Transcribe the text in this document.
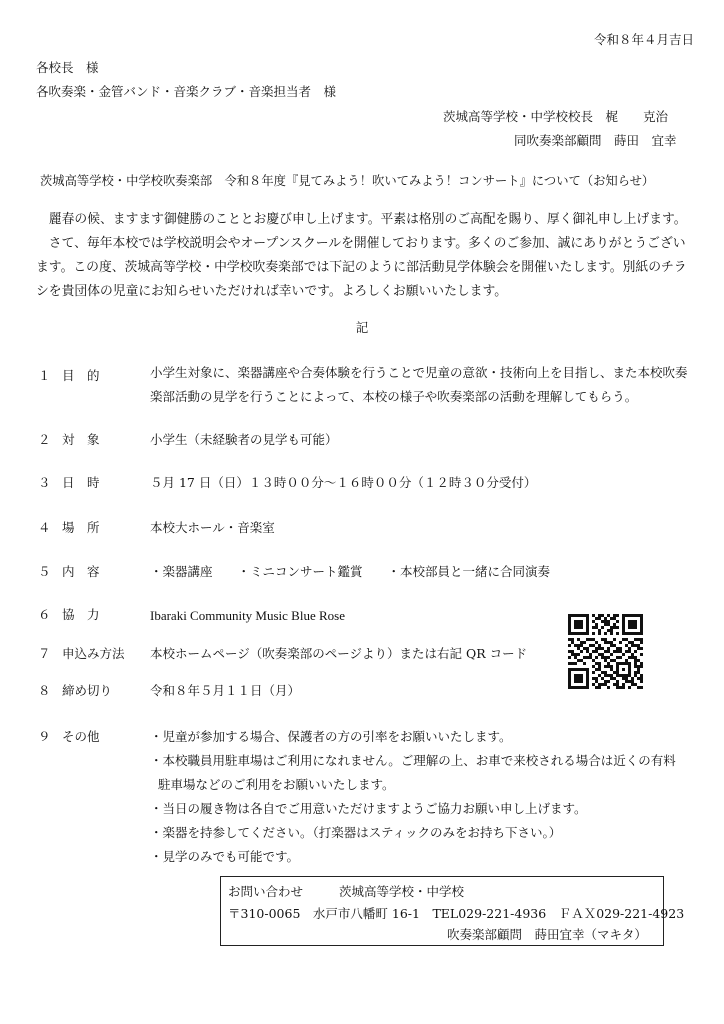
令和８年４月吉日
各校長　様
各吹奏楽・金管バンド・音楽クラブ・音楽担当者　様
茨城高等学校・中学校校長　梶　　克治
同吹奏楽部顧問　蒔田　宜幸
茨城高等学校・中学校吹奏楽部　令和８年度『見てみよう！吹いてみよう！コンサート』について（お知らせ）
　麗春の候、ますます御健勝のこととお慶び申し上げます。平素は格別のご高配を賜り、厚く御礼申し上げます。
　さて、毎年本校では学校説明会やオープンスクールを開催しております。多くのご参加、誠にありがとうございます。この度、茨城高等学校・中学校吹奏楽部では下記のように部活動見学体験会を開催いたします。別紙のチラシを貴団体の児童にお知らせいただければ幸いです。よろしくお願いいたします。
記
１ 目　的	小学生対象に、楽器講座や合奏体験を行うことで児童の意欲・技術向上を目指し、また本校吹奏楽部活動の見学を行うことによって、本校の様子や吹奏楽部の活動を理解してもらう。
２ 対　象	小学生（未経験者の見学も可能）
３ 日　時	５月 17 日（日）１３時００分～１６時００分（１２時３０分受付）
４ 場　所	本校大ホール・音楽室
５ 内　容	・楽器講座　　・ミニコンサート鑑賞　　・本校部員と一緒に合同演奏
６ 協　力	Ibaraki Community Music Blue Rose
７ 申込み方法 本校ホームページ（吹奏楽部のページより）または右記 QR コード
８ 締め切り	令和８年５月１１日（月）
９ その他	・児童が参加する場合、保護者の方の引率をお願いいたします。
・本校職員用駐車場はご利用になれません。ご理解の上、お車で来校される場合は近くの有料
駐車場などのご利用をお願いいたします。
・当日の履き物は各自でご用意いただけますようご協力お願い申し上げます。
・楽器を持参してください。（打楽器はスティックのみをお持ち下さい。）
・見学のみでも可能です。
お問い合わせ	茨城高等学校・中学校
〒310-0065　水戸市八幡町 16-1　TEL029-221-4936　ＦＡＸ029-221-4923
吹奏楽部顧問　蒔田宜幸（マキタ）
